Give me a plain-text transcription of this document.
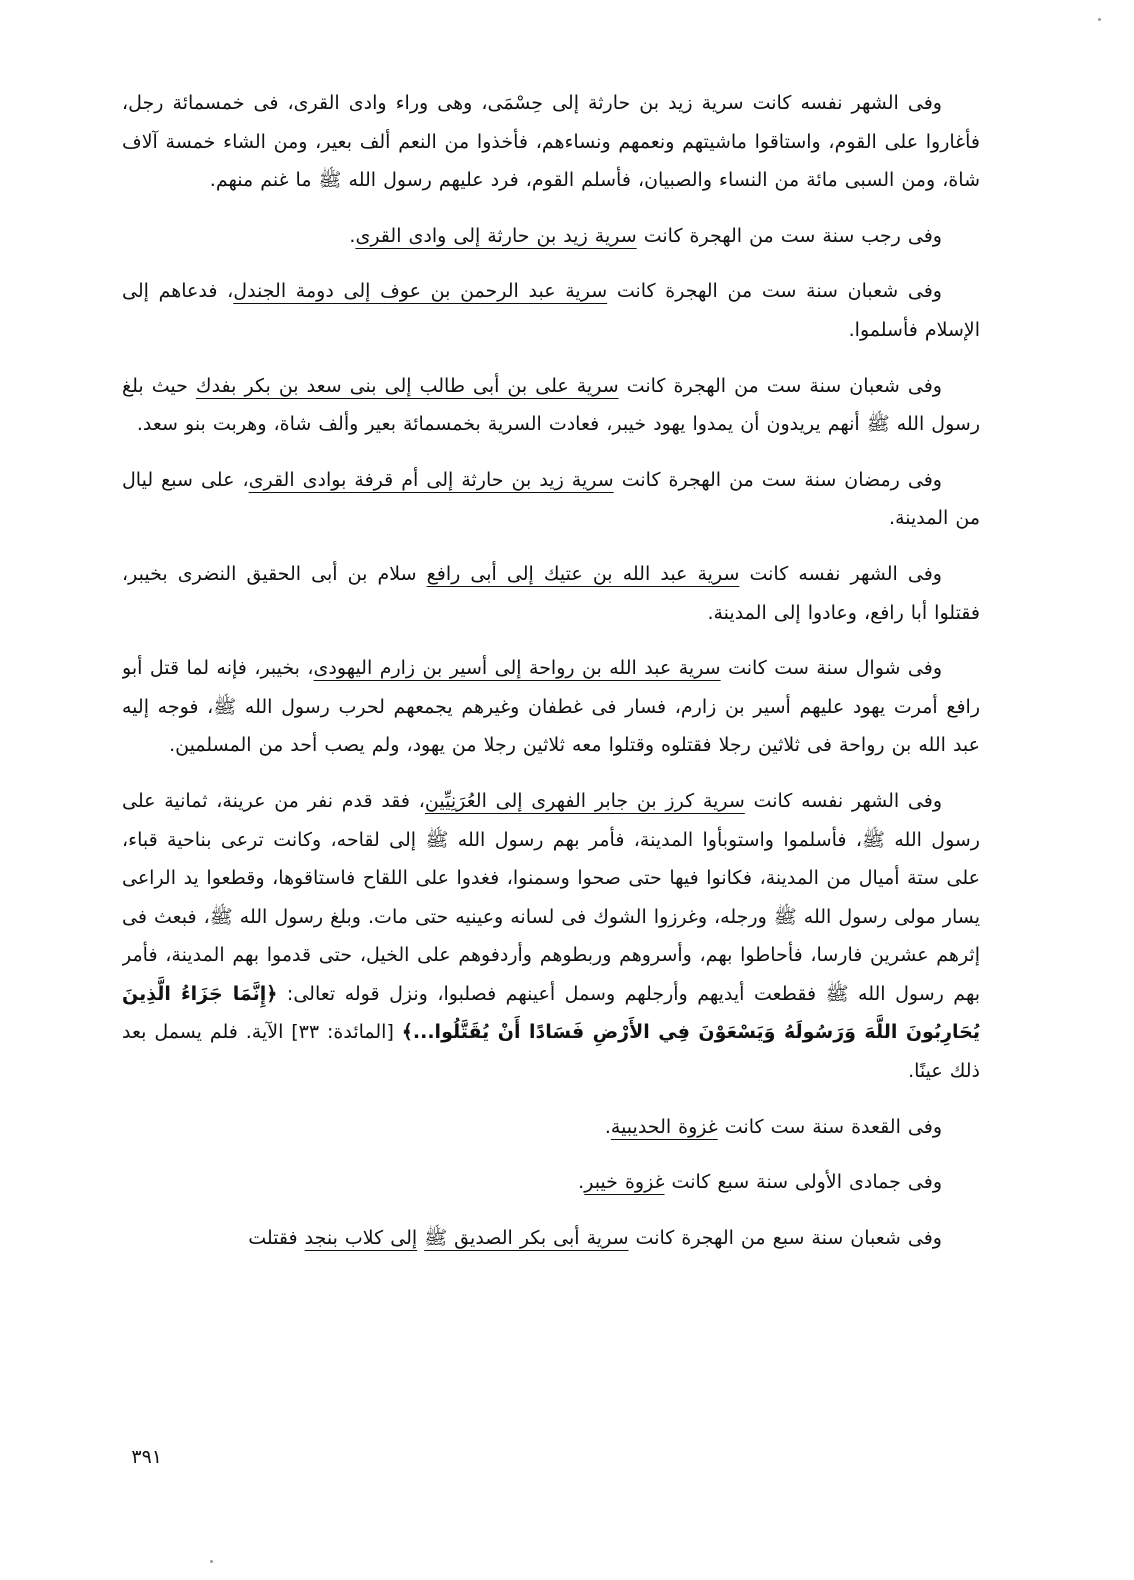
وفى الشهر نفسه كانت سرية زيد بن حارثة إلى حِسْمَى، وهى وراء وادى القرى، فى خمسمائة رجل، فأغاروا على القوم، واستاقوا ماشيتهم ونعمهم ونساءهم، فأخذوا من النعم ألف بعير، ومن الشاء خمسة آلاف شاة، ومن السبى مائة من النساء والصبيان، فأسلم القوم، فرد عليهم رسول الله ﷺ ما غنم منهم.

وفى رجب سنة ست من الهجرة كانت سرية زيد بن حارثة إلى وادى القرى.

وفى شعبان سنة ست من الهجرة كانت سرية عبد الرحمن بن عوف إلى دومة الجندل، فدعاهم إلى الإسلام فأسلموا.

وفى شعبان سنة ست من الهجرة كانت سرية على بن أبى طالب إلى بنى سعد بن بكر بفدك حيث بلغ رسول الله ﷺ أنهم يريدون أن يمدوا يهود خيبر، فعادت السرية بخمسمائة بعير وألف شاة، وهربت بنو سعد.

وفى رمضان سنة ست من الهجرة كانت سرية زيد بن حارثة إلى أم قرفة بوادى القرى، على سبع ليال من المدينة.

وفى الشهر نفسه كانت سرية عبد الله بن عتيك إلى أبى رافع سلام بن أبى الحقيق النضرى بخيبر، فقتلوا أبا رافع، وعادوا إلى المدينة.

وفى شوال سنة ست كانت سرية عبد الله بن رواحة إلى أسير بن زارم اليهودى، بخيبر، فإنه لما قتل أبو رافع أمرت يهود عليهم أسير بن زارم، فسار فى غطفان وغيرهم يجمعهم لحرب رسول الله ﷺ، فوجه إليه عبد الله بن رواحة فى ثلاثين رجلا فقتلوه وقتلوا معه ثلاثين رجلا من يهود، ولم يصب أحد من المسلمين.

وفى الشهر نفسه كانت سرية كرز بن جابر الفهرى إلى العُرَنِيِّين، فقد قدم نفر من عرينة، ثمانية على رسول الله ﷺ، فأسلموا واستوبأوا المدينة، فأمر بهم رسول الله ﷺ إلى لقاحه، وكانت ترعى بناحية قباء، على ستة أميال من المدينة، فكانوا فيها حتى صحوا وسمنوا، فغدوا على اللقاح فاستاقوها، وقطعوا يد الراعى يسار مولى رسول الله ﷺ ورجله، وغرزوا الشوك فى لسانه وعينيه حتى مات. وبلغ رسول الله ﷺ، فبعث فى إثرهم عشرين فارسا، فأحاطوا بهم، وأسروهم وربطوهم وأردفوهم على الخيل، حتى قدموا بهم المدينة، فأمر بهم رسول الله ﷺ فقطعت أيديهم وأرجلهم وسمل أعينهم فصلبوا، ونزل قوله تعالى: ﴿إِنَّمَا جَزَاءُ الَّذِينَ يُحَارِبُونَ اللَّهَ وَرَسُولَهُ وَيَسْعَوْنَ فِي الأَرْضِ فَسَادًا أَنْ يُقَتَّلُوا...﴾ [المائدة: ٣٣] الآية. فلم يسمل بعد ذلك عينًا.

وفى القعدة سنة ست كانت غزوة الحديبية.

وفى جمادى الأولى سنة سبع كانت غزوة خيبر.

وفى شعبان سنة سبع من الهجرة كانت سرية أبى بكر الصديق ﷺ إلى كلاب بنجد فقتلت

٣٩١
